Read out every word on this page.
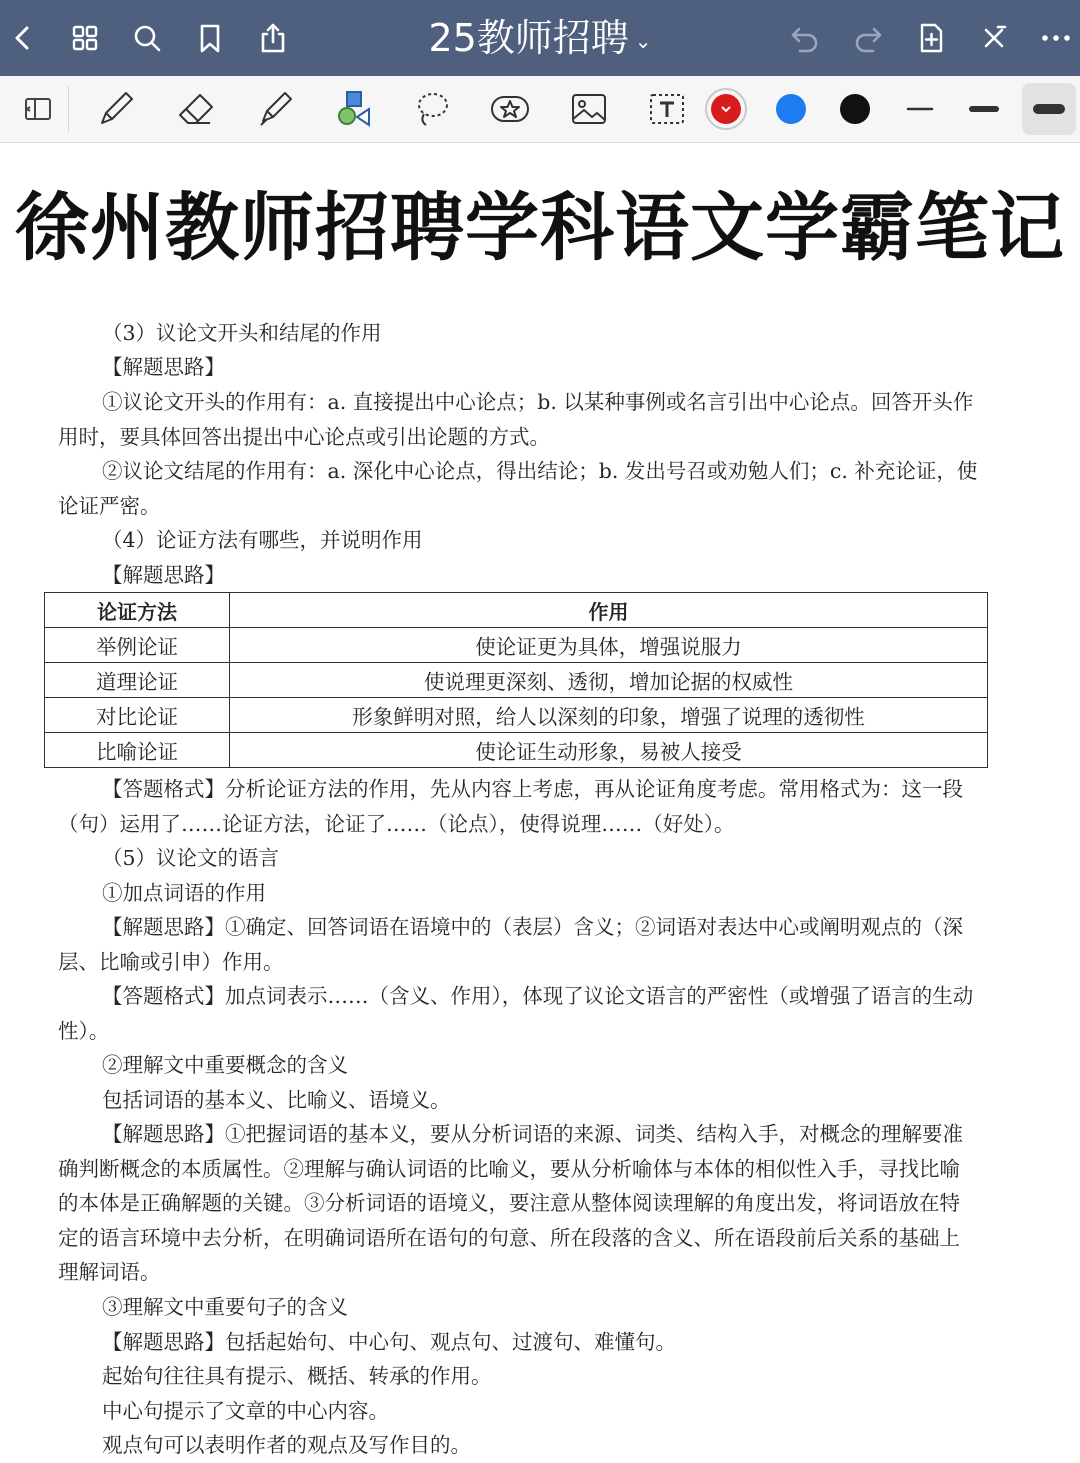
25教师招聘 ⌄
徐州教师招聘学科语文学霸笔记
（3）议论文开头和结尾的作用
【解题思路】
①议论文开头的作用有：a. 直接提出中心论点；b. 以某种事例或名言引出中心论点。回答开头作用时，要具体回答出提出中心论点或引出论题的方式。
②议论文结尾的作用有：a. 深化中心论点，得出结论；b. 发出号召或劝勉人们；c. 补充论证，使论证严密。
（4）论证方法有哪些，并说明作用
【解题思路】
论证方法	作用
举例论证	使论证更为具体，增强说服力
道理论证	使说理更深刻、透彻，增加论据的权威性
对比论证	形象鲜明对照，给人以深刻的印象，增强了说理的透彻性
比喻论证	使论证生动形象，易被人接受
【答题格式】分析论证方法的作用，先从内容上考虑，再从论证角度考虑。常用格式为：这一段（句）运用了……论证方法，论证了……（论点），使得说理……（好处）。
（5）议论文的语言
①加点词语的作用
【解题思路】①确定、回答词语在语境中的（表层）含义；②词语对表达中心或阐明观点的（深层、比喻或引申）作用。
【答题格式】加点词表示……（含义、作用），体现了议论文语言的严密性（或增强了语言的生动性）。
②理解文中重要概念的含义
包括词语的基本义、比喻义、语境义。
【解题思路】①把握词语的基本义，要从分析词语的来源、词类、结构入手，对概念的理解要准确判断概念的本质属性。②理解与确认词语的比喻义，要从分析喻体与本体的相似性入手，寻找比喻的本体是正确解题的关键。③分析词语的语境义，要注意从整体阅读理解的角度出发，将词语放在特定的语言环境中去分析，在明确词语所在语句的句意、所在段落的含义、所在语段前后关系的基础上理解词语。
③理解文中重要句子的含义
【解题思路】包括起始句、中心句、观点句、过渡句、难懂句。
起始句往往具有提示、概括、转承的作用。
中心句提示了文章的中心内容。
观点句可以表明作者的观点及写作目的。
